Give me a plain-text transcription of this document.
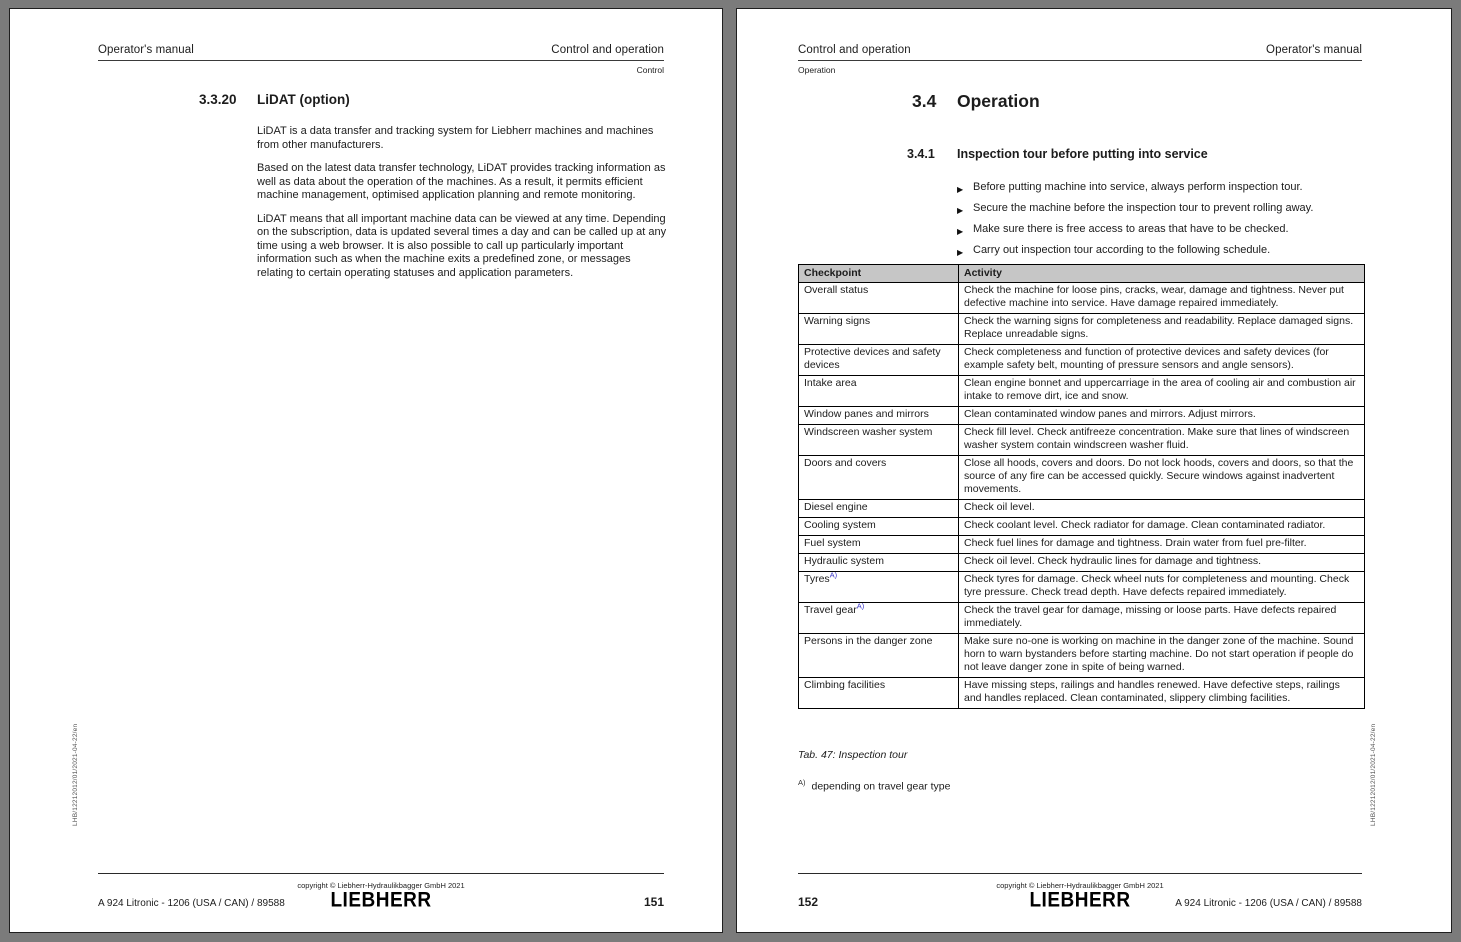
Operator's manual	Control and operation
Control
3.3.20	LiDAT (option)

LiDAT is a data transfer and tracking system for Liebherr machines and machines from other manufacturers.

Based on the latest data transfer technology, LiDAT provides tracking information as well as data about the operation of the machines. As a result, it permits efficient machine management, optimised application planning and remote monitoring.

LiDAT means that all important machine data can be viewed at any time. Depending on the subscription, data is updated several times a day and can be called up at any time using a web browser. It is also possible to call up particularly important information such as when the machine exits a predefined zone, or messages relating to certain operating statuses and application parameters.

LHB/12212012/01/2021-04-22/en
copyright © Liebherr-Hydraulikbagger GmbH 2021
LIEBHERR
A 924 Litronic - 1206 (USA / CAN) / 89588	151
Control and operation	Operator's manual
Operation
3.4	Operation
3.4.1	Inspection tour before putting into service
▶ Before putting machine into service, always perform inspection tour.
▶ Secure the machine before the inspection tour to prevent rolling away.
▶ Make sure there is free access to areas that have to be checked.
▶ Carry out inspection tour according to the following schedule.
Checkpoint	Activity
Overall status	Check the machine for loose pins, cracks, wear, damage and tightness. Never put defective machine into service. Have damage repaired immediately.
Warning signs	Check the warning signs for completeness and readability. Replace damaged signs. Replace unreadable signs.
Protective devices and safety devices	Check completeness and function of protective devices and safety devices (for example safety belt, mounting of pressure sensors and angle sensors).
Intake area	Clean engine bonnet and uppercarriage in the area of cooling air and combustion air intake to remove dirt, ice and snow.
Window panes and mirrors	Clean contaminated window panes and mirrors. Adjust mirrors.
Windscreen washer system	Check fill level. Check antifreeze concentration. Make sure that lines of windscreen washer system contain windscreen washer fluid.
Doors and covers	Close all hoods, covers and doors. Do not lock hoods, covers and doors, so that the source of any fire can be accessed quickly. Secure windows against inadvertent movements.
Diesel engine	Check oil level.
Cooling system	Check coolant level. Check radiator for damage. Clean contaminated radiator.
Fuel system	Check fuel lines for damage and tightness. Drain water from fuel pre-filter.
Hydraulic system	Check oil level. Check hydraulic lines for damage and tightness.
Tyres$^{A)}$	Check tyres for damage. Check wheel nuts for completeness and mounting. Check tyre pressure. Check tread depth. Have defects repaired immediately.
Travel gear$^{A)}$	Check the travel gear for damage, missing or loose parts. Have defects repaired immediately.
Persons in the danger zone	Make sure no-one is working on machine in the danger zone of the machine. Sound horn to warn bystanders before starting machine. Do not start operation if people do not leave danger zone in spite of being warned.
Climbing facilities	Have missing steps, railings and handles renewed. Have defective steps, railings and handles replaced. Clean contaminated, slippery climbing facilities.
Tab. 47: Inspection tour
$^{A)}$ depending on travel gear type	LHB/12212012/01/2021-04-22/en
copyright © Liebherr-Hydraulikbagger GmbH 2021
LIEBHERR	A 924 Litronic - 1206 (USA / CAN) / 89588
152
